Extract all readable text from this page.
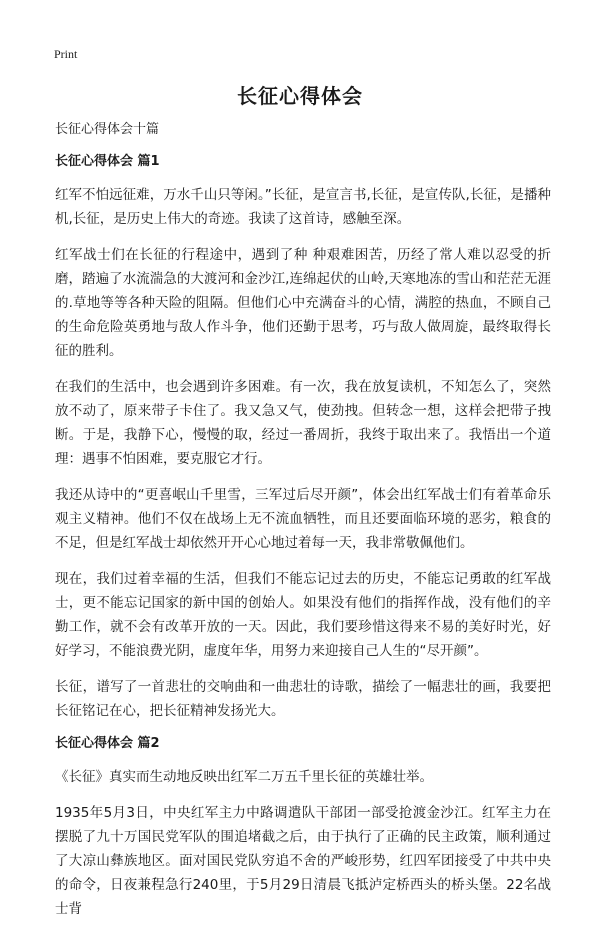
Print
长征心得体会

长征心得体会十篇

长征心得体会 篇1

红军不怕远征难，万水千山只等闲。”长征，是宣言书,长征，是宣传队,长征，是播种机,长征，是历史上伟大的奇迹。我读了这首诗，感触至深。

红军战士们在长征的行程途中，遇到了种 种艰难困苦，历经了常人难以忍受的折磨，踏遍了水流湍急的大渡河和金沙江,连绵起伏的山岭,天寒地冻的雪山和茫茫无涯的.草地等等各种天险的阻隔。但他们心中充满奋斗的心情，满腔的热血，不顾自己的生命危险英勇地与敌人作斗争，他们还勤于思考，巧与敌人做周旋，最终取得长征的胜利。

在我们的生活中，也会遇到许多困难。有一次，我在放复读机，不知怎么了，突然放不动了，原来带子卡住了。我又急又气，使劲拽。但转念一想，这样会把带子拽断。于是，我静下心，慢慢的取，经过一番周折，我终于取出来了。我悟出一个道理：遇事不怕困难，要克服它才行。

我还从诗中的“更喜岷山千里雪，三军过后尽开颜”，体会出红军战士们有着革命乐观主义精神。他们不仅在战场上无不流血牺牲，而且还要面临环境的恶劣，粮食的不足，但是红军战士却依然开开心心地过着每一天，我非常敬佩他们。

现在，我们过着幸福的生活，但我们不能忘记过去的历史，不能忘记勇敢的红军战士，更不能忘记国家的新中国的创始人。如果没有他们的指挥作战，没有他们的辛勤工作，就不会有改革开放的一天。因此，我们要珍惜这得来不易的美好时光，好好学习，不能浪费光阴，虚度年华，用努力来迎接自己人生的“尽开颜”。

长征，谱写了一首悲壮的交响曲和一曲悲壮的诗歌，描绘了一幅悲壮的画，我要把长征铭记在心，把长征精神发扬光大。

长征心得体会 篇2

《长征》真实而生动地反映出红军二万五千里长征的英雄壮举。

1935年5月3日，中央红军主力中路调遣队干部团一部受抢渡金沙江。红军主力在摆脱了九十万国民党军队的围追堵截之后，由于执行了正确的民主政策，顺利通过了大凉山彝族地区。面对国民党队穷追不舍的严峻形势，红四军团接受了中共中央的命令，日夜兼程急行240里，于5月29日清晨飞抵泸定桥西头的桥头堡。22名战士背
